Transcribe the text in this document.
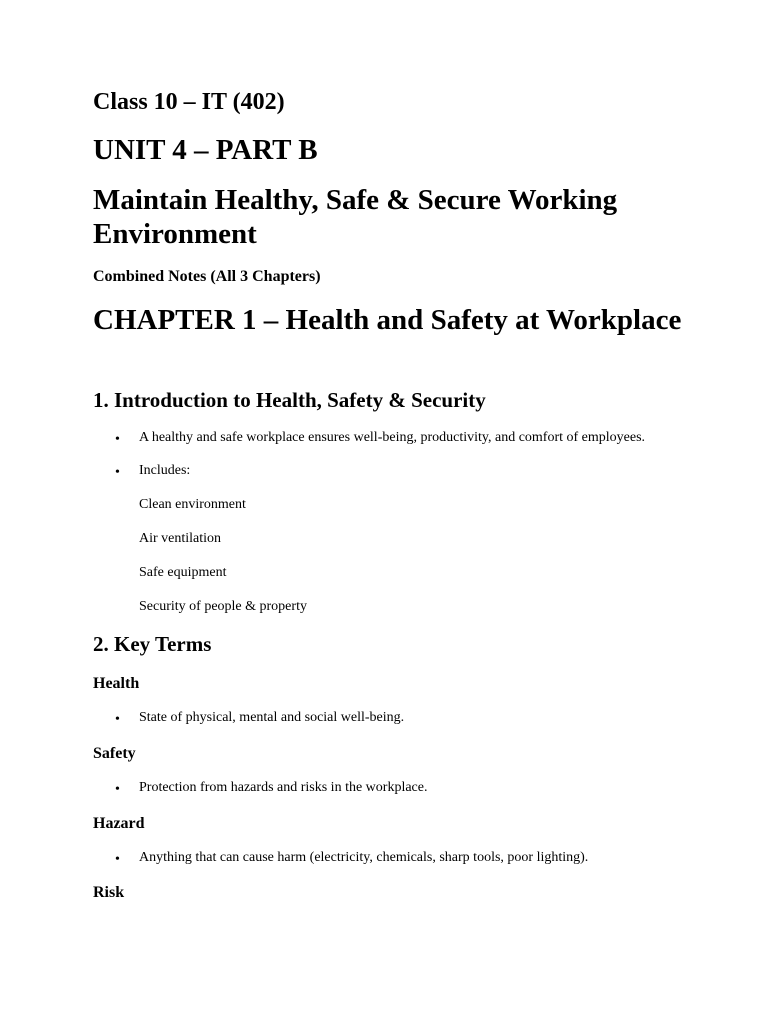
Class 10 – IT (402)
UNIT 4 – PART B
Maintain Healthy, Safe & Secure Working Environment
Combined Notes (All 3 Chapters)
CHAPTER 1 – Health and Safety at Workplace
1. Introduction to Health, Safety & Security
• A healthy and safe workplace ensures well-being, productivity, and comfort of employees.
• Includes:
Clean environment
Air ventilation
Safe equipment
Security of people & property
2. Key Terms
Health
• State of physical, mental and social well-being.
Safety
• Protection from hazards and risks in the workplace.
Hazard
• Anything that can cause harm (electricity, chemicals, sharp tools, poor lighting).
Risk
